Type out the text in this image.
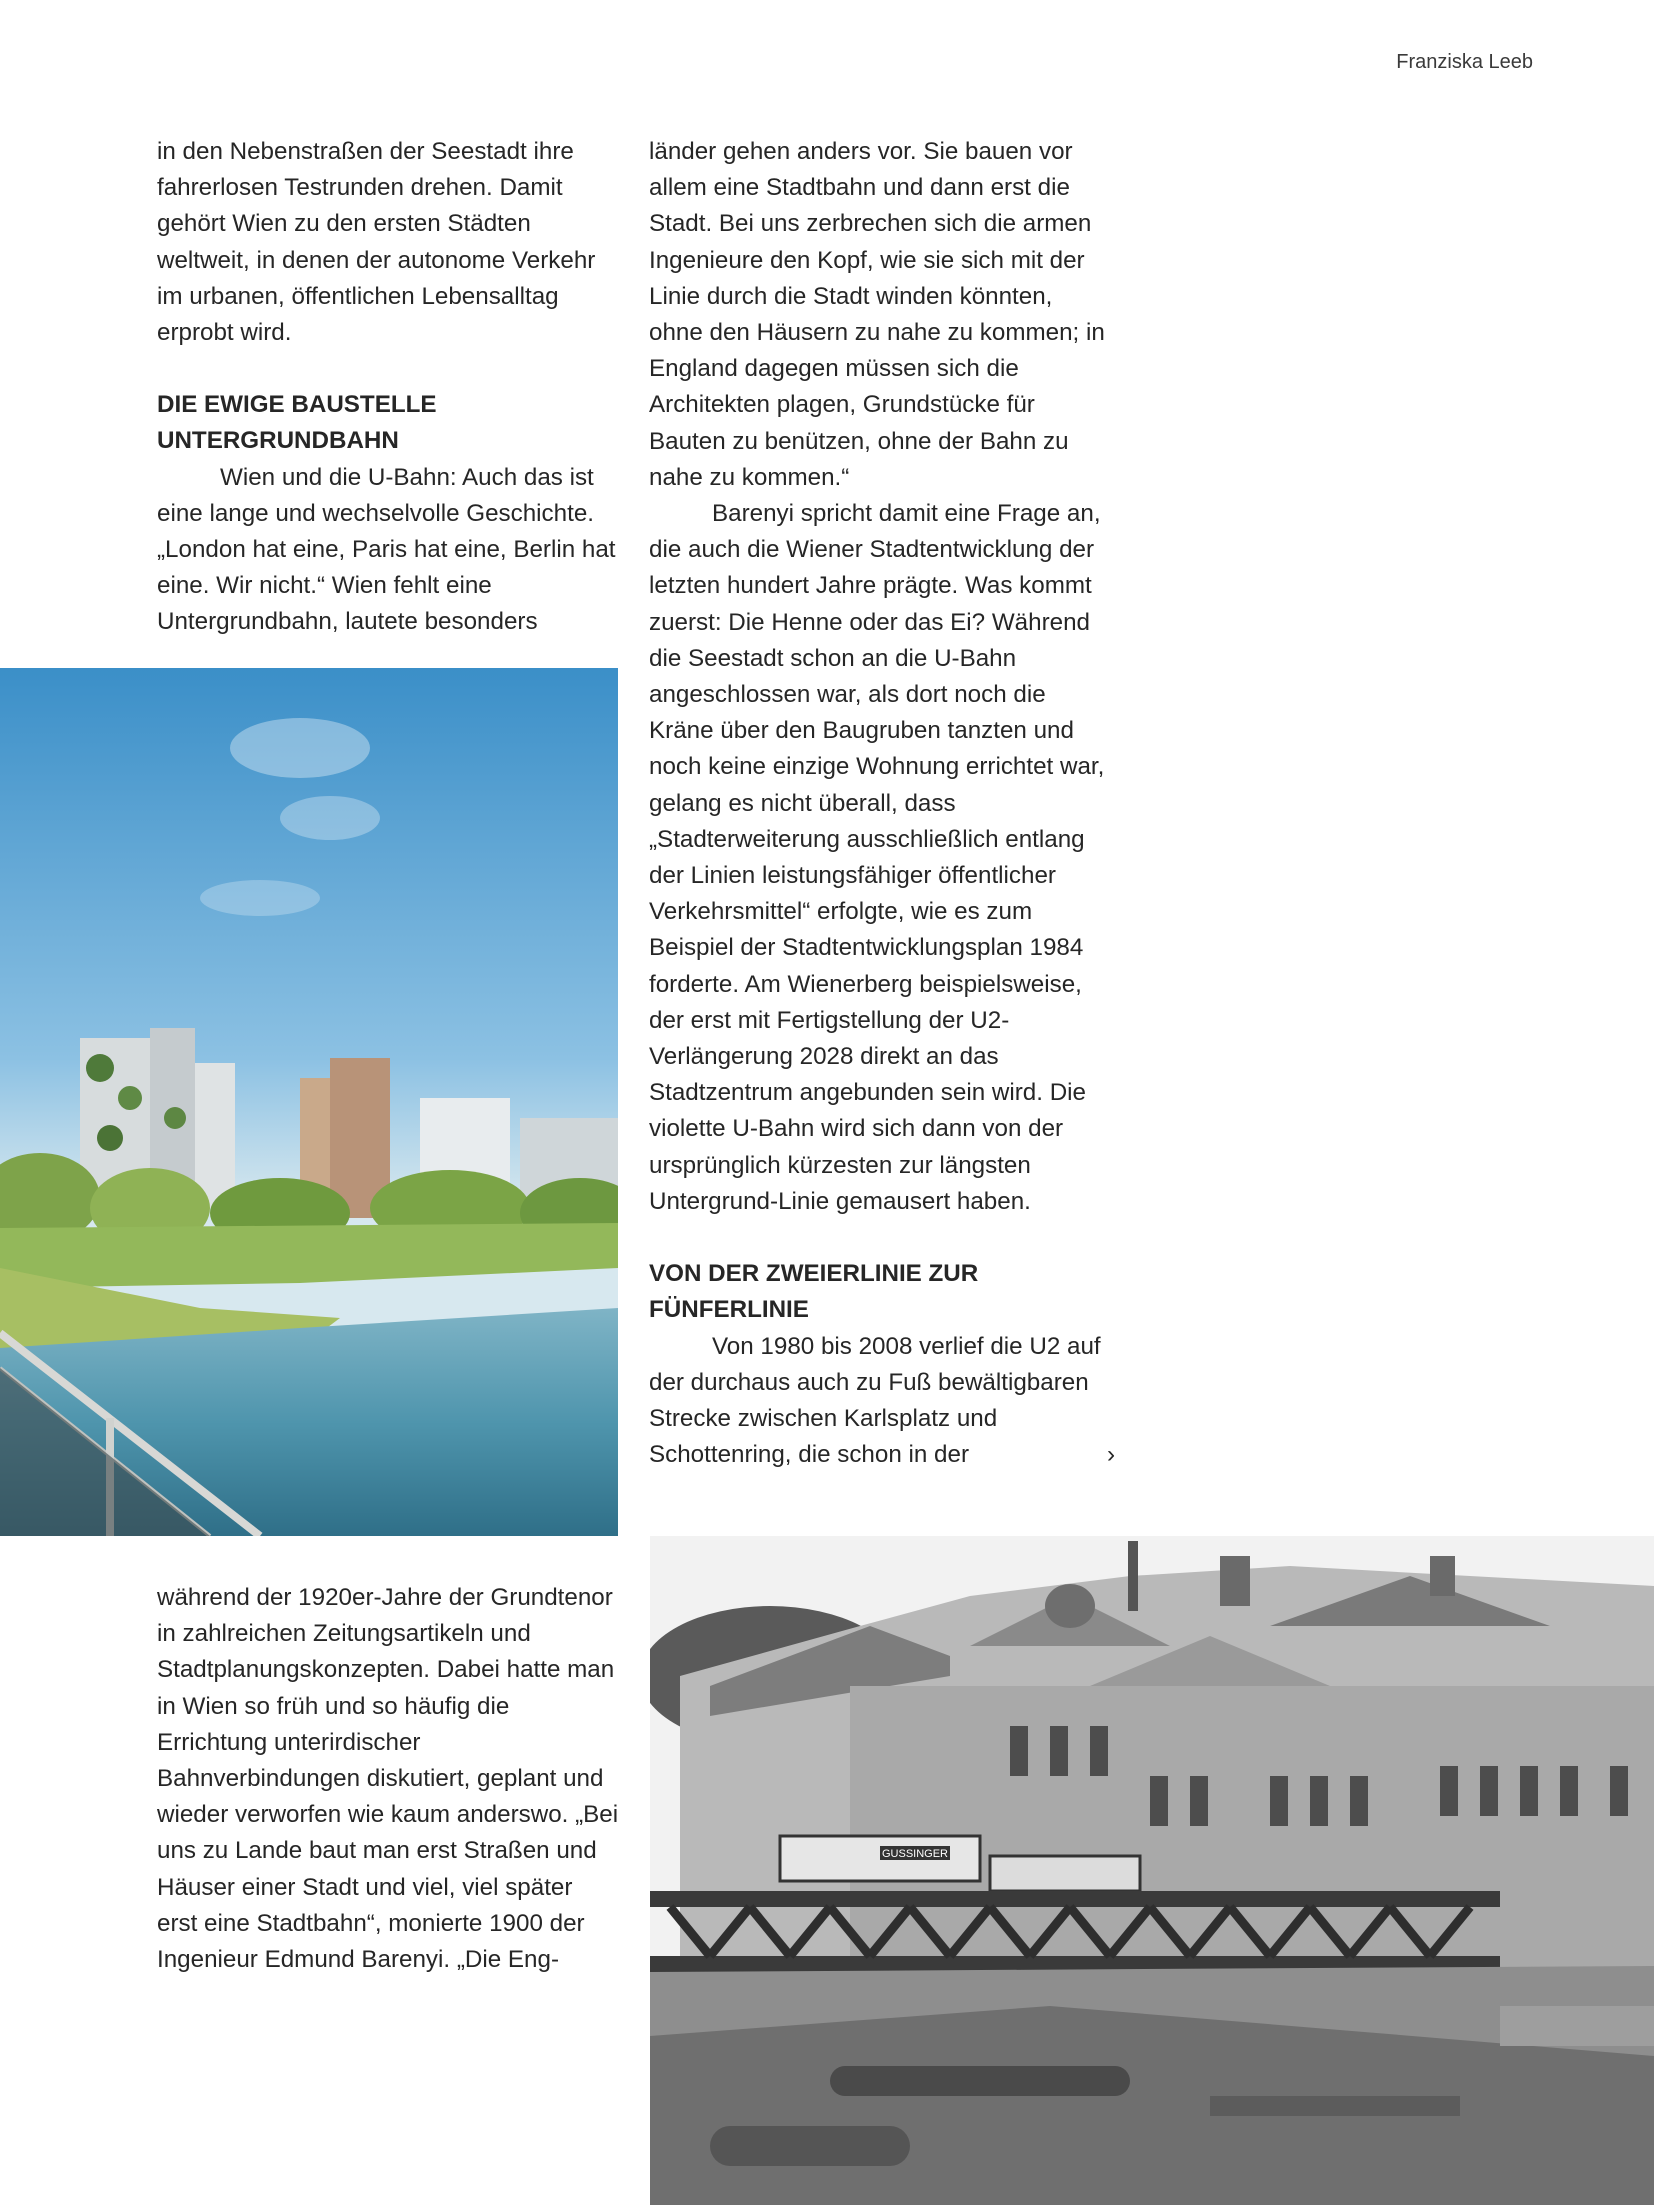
Franziska Leeb

in den Nebenstraßen der Seestadt ihre fahrerlosen Testrunden drehen. Damit gehört Wien zu den ersten Städten weltweit, in denen der autonome Verkehr im urbanen, öffentlichen Lebensalltag erprobt wird.

DIE EWIGE BAUSTELLE UNTERGRUNDBAHN

Wien und die U-Bahn: Auch das ist eine lange und wechselvolle Geschichte. „London hat eine, Paris hat eine, Berlin hat eine. Wir nicht.“ Wien fehlt eine Untergrundbahn, lautete besonders

während der 1920er-Jahre der Grundtenor in zahlreichen Zeitungsartikeln und Stadtplanungskonzepten. Dabei hatte man in Wien so früh und so häufig die Errichtung unterirdischer Bahnverbindungen diskutiert, geplant und wieder verworfen wie kaum anderswo. „Bei uns zu Lande baut man erst Straßen und Häuser einer Stadt und viel, viel später erst eine Stadtbahn“, monierte 1900 der Ingenieur Edmund Barenyi. „Die Eng-

länder gehen anders vor. Sie bauen vor allem eine Stadtbahn und dann erst die Stadt. Bei uns zerbrechen sich die armen Ingenieure den Kopf, wie sie sich mit der Linie durch die Stadt winden könnten, ohne den Häusern zu nahe zu kommen; in England dagegen müssen sich die Architekten plagen, Grundstücke für Bauten zu benützen, ohne der Bahn zu nahe zu kommen.“

Barenyi spricht damit eine Frage an, die auch die Wiener Stadtentwicklung der letzten hundert Jahre prägte. Was kommt zuerst: Die Henne oder das Ei? Während die Seestadt schon an die U-Bahn angeschlossen war, als dort noch die Kräne über den Baugruben tanzten und noch keine einzige Wohnung errichtet war, gelang es nicht überall, dass „Stadterweiterung ausschließlich entlang der Linien leistungsfähiger öffentlicher Verkehrsmittel“ erfolgte, wie es zum Beispiel der Stadtentwicklungsplan 1984 forderte. Am Wienerberg beispielsweise, der erst mit Fertigstellung der U2-Verlängerung 2028 direkt an das Stadtzentrum angebunden sein wird. Die violette U-Bahn wird sich dann von der ursprünglich kürzesten zur längsten Untergrund-Linie gemausert haben.

VON DER ZWEIERLINIE ZUR FÜNFERLINIE

Von 1980 bis 2008 verlief die U2 auf der durchaus auch zu Fuß bewältigbaren Strecke zwischen Karlsplatz und

Schottenring, die schon in der	›

GUSSINGER
